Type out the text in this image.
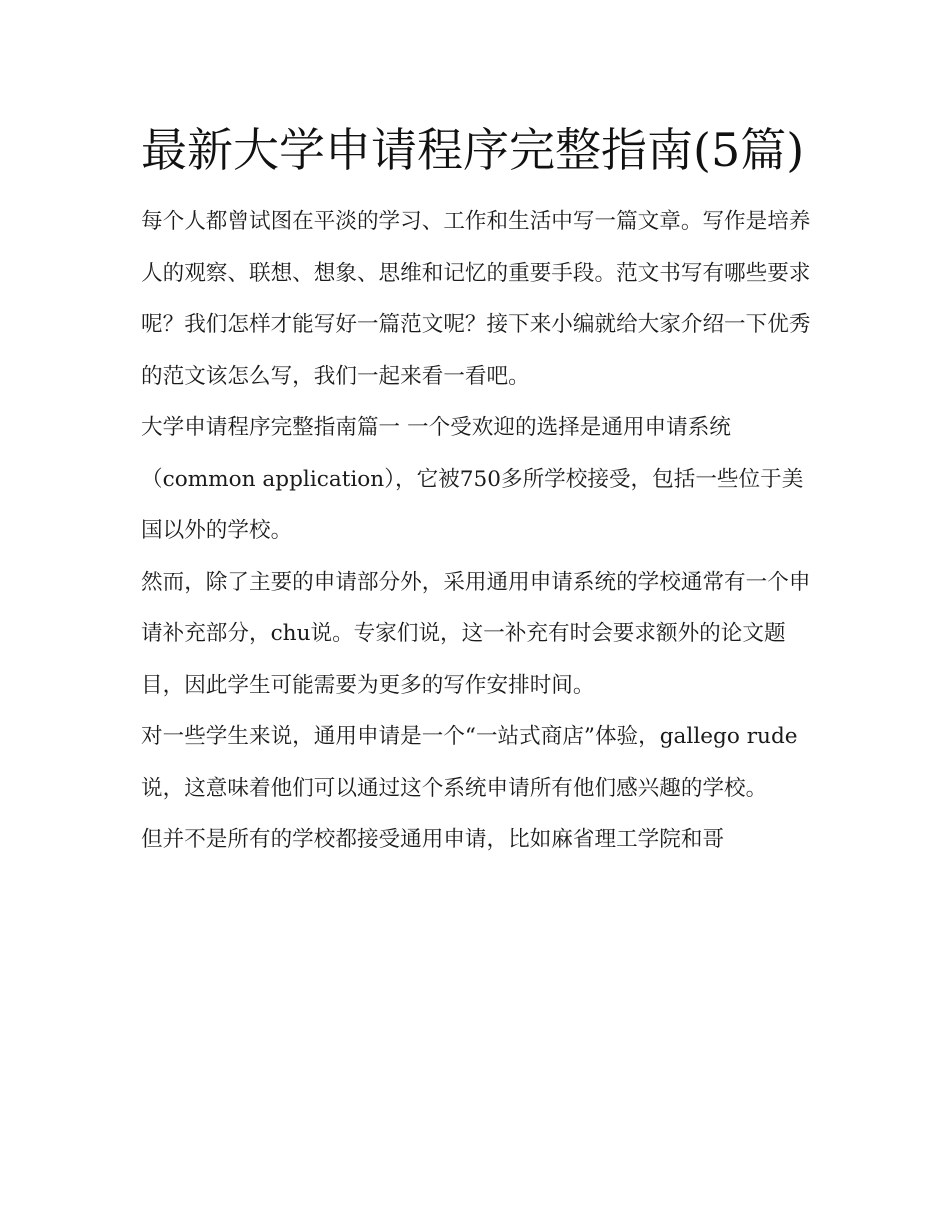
最新大学申请程序完整指南(5篇)

每个人都曾试图在平淡的学习、工作和生活中写一篇文章。写作是培养人的观察、联想、想象、思维和记忆的重要手段。范文书写有哪些要求呢？我们怎样才能写好一篇范文呢？接下来小编就给大家介绍一下优秀的范文该怎么写，我们一起来看一看吧。

大学申请程序完整指南篇一 一个受欢迎的选择是通用申请系统（common application），它被750多所学校接受，包括一些位于美国以外的学校。

然而，除了主要的申请部分外，采用通用申请系统的学校通常有一个申请补充部分，chu说。专家们说，这一补充有时会要求额外的论文题目，因此学生可能需要为更多的写作安排时间。

对一些学生来说，通用申请是一个“一站式商店”体验，gallego rude说，这意味着他们可以通过这个系统申请所有他们感兴趣的学校。

但并不是所有的学校都接受通用申请，比如麻省理工学院和哥
